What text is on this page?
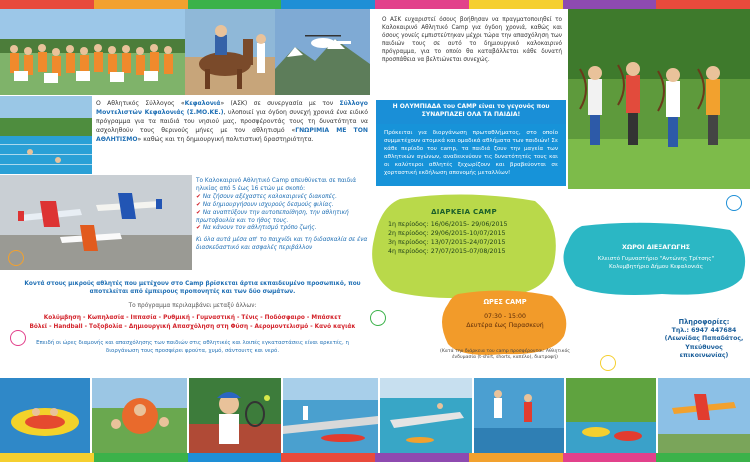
Ο Αθλητικός Σύλλογος «Κεφαλονιά» (ΑΣΚ) σε συνεργασία με τον Σύλλογο Μοντελιστών Κεφαλονιάς (Σ.ΜΟ.ΚΕ.), υλοποιεί για όγδοη συνεχή χρονιά ένα ειδικό πρόγραμμα για τα παιδιά του νησιού μας, προσφέροντάς τους τη δυνατότητα να ασχοληθούν τους θερινούς μήνες με τον αθλητισμό «ΓΝΩΡΙΜΙΑ ΜΕ ΤΟΝ ΑΘΛΗΤΙΣΜΟ» καθώς και τη δημιουργική πολιτιστική δραστηριότητα.
Το Καλοκαιρινό Αθλητικό Camp απευθύνεται σε παιδιά ηλικίας από 5 έως 16 ετών με σκοπό:
✔ Να ζήσουν αξέχαστες καλοκαιρινές διακοπές.
✔ Να δημιουργήσουν ισχυρούς δεσμούς φιλίας.
✔ Να αναπτύξουν την αυτοπεποίθηση, την αθλητική πρωτοβουλία και το ήθος τους.
✔ Να κάνουν τον αθλητισμό τρόπο ζωής.
Κι όλα αυτά μέσα απ' το παιχνίδι και τη διδασκαλία σε ένα διασκεδαστικό και ασφαλές περιβάλλον
Κοντά στους μικρούς αθλητές που μετέχουν στο Camp βρίσκεται άρτια εκπαιδευμένο προσωπικό, που αποτελείται από έμπειρους προπονητές και των δύο σωμάτων.
Το πρόγραμμα περιλαμβάνει μεταξύ άλλων:
Κολύμβηση - Κωπηλασία - Ιππασία - Ρυθμική - Γυμναστική - Τένις - Ποδόσφαιρο - Μπάσκετ
Βόλεϊ - Handball - Τοξοβολία - Δημιουργική Απασχόληση στη Φύση - Αερομοντελισμό - Κανό καγιάκ
Επειδή οι ώρες διαμονής και απασχόλησης των παιδιών στις αθλητικές και λοιπές εγκαταστάσεις είναι αρκετές, η διοργάνωση τους προσφέρει φρούτα, χυμό, σάντουιτς και νερό.
Ο ΑΣΚ ευχαριστεί όσους βοήθησαν να πραγματοποιηθεί το Καλοκαιρινό Αθλητικό Camp για όγδοη χρονιά, καθώς και όσους γονείς εμπιστεύτηκαν μέχρι τώρα την απασχόληση των παιδιών τους σε αυτό το δημιουργικό καλοκαιρινό πρόγραμμα, για το οποίο θα καταβάλλεται κάθε δυνατή προσπάθεια να βελτιώνεται συνεχώς.
Η ΟΛΥΜΠΙΑΔΑ του CAMP είναι το γεγονός που ΣΥΝΑΡΠΑΖΕΙ ΟΛΑ ΤΑ ΠΑΙΔΙΑ!
Πρόκειται για διοργάνωση πρωταθλήματος, στο οποίο συμμετέχουν ατομικά και ομαδικά αθλήματα των παιδιών! Σε κάθε περίοδο του camp, τα παιδιά ζουν την μαγεία των αθλητικών αγώνων, αναδεικνύουν τις δυνατότητές τους και οι καλύτεροι αθλητές ξεχωρίζουν και βραβεύονται σε χορταστική εκδήλωση απονομής μεταλλίων!
ΔΙΑΡΚΕΙΑ CAMP
1η περίοδος: 16/06/2015- 29/06/2015
2η περίοδος: 29/06/2015-10/07/2015
3η περίοδος: 13/07/2015-24/07/2015
4η περίοδος: 27/07/2015-07/08/2015
ΧΩΡΟΙ ΔΙΕΞΑΓΩΓΗΣ
Κλειστό Γυμναστήριο "Αντώνης Τρίτσης"
Κολυμβητήριο Δήμου Κεφαλονιάς
ΩΡΕΣ CAMP
07:30 - 15:00
Δευτέρα έως Παρασκευή
(Κατά την διάρκεια του camp προσφέρονται: Αθλητικός ένδυμασία (t-shirt, shorts, καπέλο), διατροφή)
Πληροφορίες:
Τηλ.: 6947 447684
(Λεωνίδας Παπαδάτος,
Υπεύθυνος
επικοινωνίας)
